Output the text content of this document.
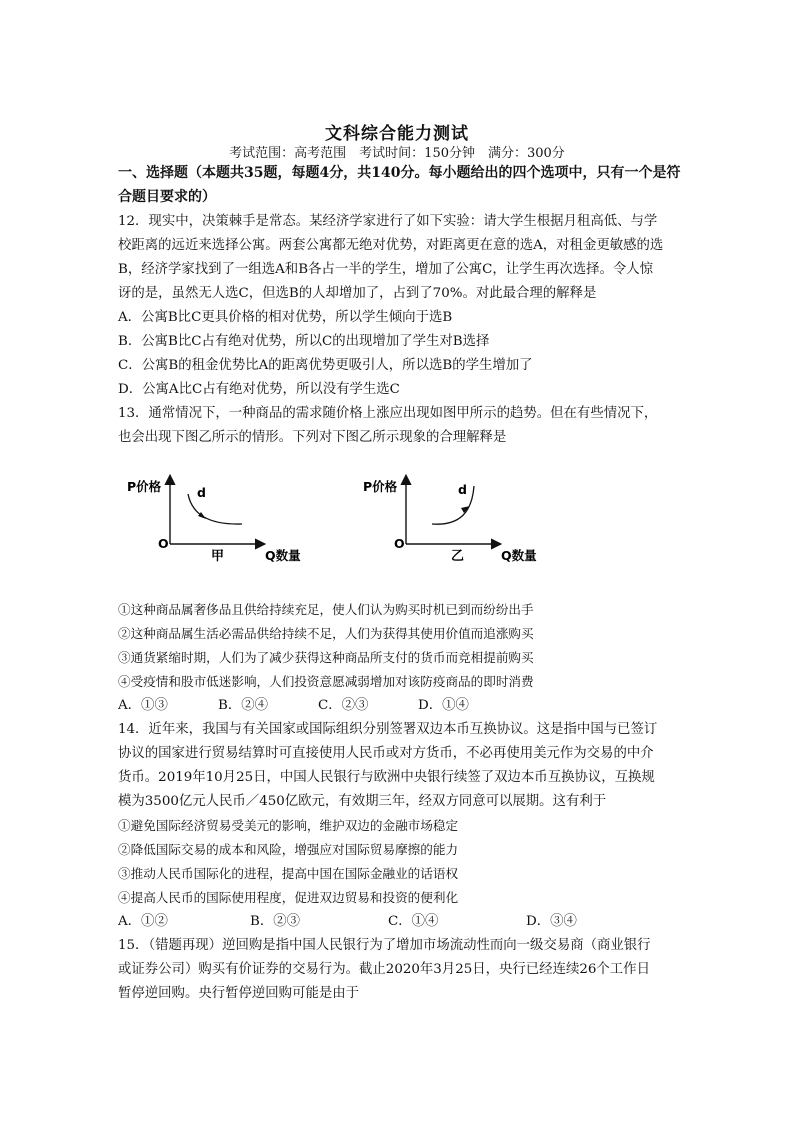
文科综合能力测试
考试范围：高考范围　考试时间：150分钟　满分：300分
一、选择题（本题共35题，每题4分，共140分。每小题给出的四个选项中，只有一个是符
合题目要求的）
12．现实中，决策棘手是常态。某经济学家进行了如下实验：请大学生根据月租高低、与学
校距离的远近来选择公寓。两套公寓都无绝对优势，对距离更在意的选A，对租金更敏感的选
B，经济学家找到了一组选A和B各占一半的学生，增加了公寓C，让学生再次选择。令人惊
讶的是，虽然无人选C，但选B的人却增加了，占到了70%。对此最合理的解释是
A．公寓B比C更具价格的相对优势，所以学生倾向于选B
B．公寓B比C占有绝对优势，所以C的出现增加了学生对B选择
C．公寓B的租金优势比A的距离优势更吸引人，所以选B的学生增加了
D．公寓A比C占有绝对优势，所以没有学生选C
13．通常情况下，一种商品的需求随价格上涨应出现如图甲所示的趋势。但在有些情况下，
也会出现下图乙所示的情形。下列对下图乙所示现象的合理解释是
P价格
O
d
甲	Q数量
P价格
O
d
乙	Q数量
①这种商品属奢侈品且供给持续充足，使人们认为购买时机已到而纷纷出手
②这种商品属生活必需品供给持续不足，人们为获得其使用价值而追涨购买
③通货紧缩时期，人们为了减少获得这种商品所支付的货币而竞相提前购买
④受疫情和股市低迷影响，人们投资意愿减弱增加对该防疫商品的即时消费
A．①③	B．②④	C．②③	D．①④
14．近年来，我国与有关国家或国际组织分别签署双边本币互换协议。这是指中国与已签订
协议的国家进行贸易结算时可直接使用人民币或对方货币，不必再使用美元作为交易的中介
货币。2019年10月25日，中国人民银行与欧洲中央银行续签了双边本币互换协议，互换规
模为3500亿元人民币／450亿欧元，有效期三年，经双方同意可以展期。这有利于
①避免国际经济贸易受美元的影响，维护双边的金融市场稳定
②降低国际交易的成本和风险，增强应对国际贸易摩擦的能力
③推动人民币国际化的进程，提高中国在国际金融业的话语权
④提高人民币的国际使用程度，促进双边贸易和投资的便利化
A．①②	B．②③	C．①④	D．③④
15．（错题再现）逆回购是指中国人民银行为了增加市场流动性而向一级交易商（商业银行
或证券公司）购买有价证券的交易行为。截止2020年3月25日，央行已经连续26个工作日
暂停逆回购。央行暂停逆回购可能是由于
